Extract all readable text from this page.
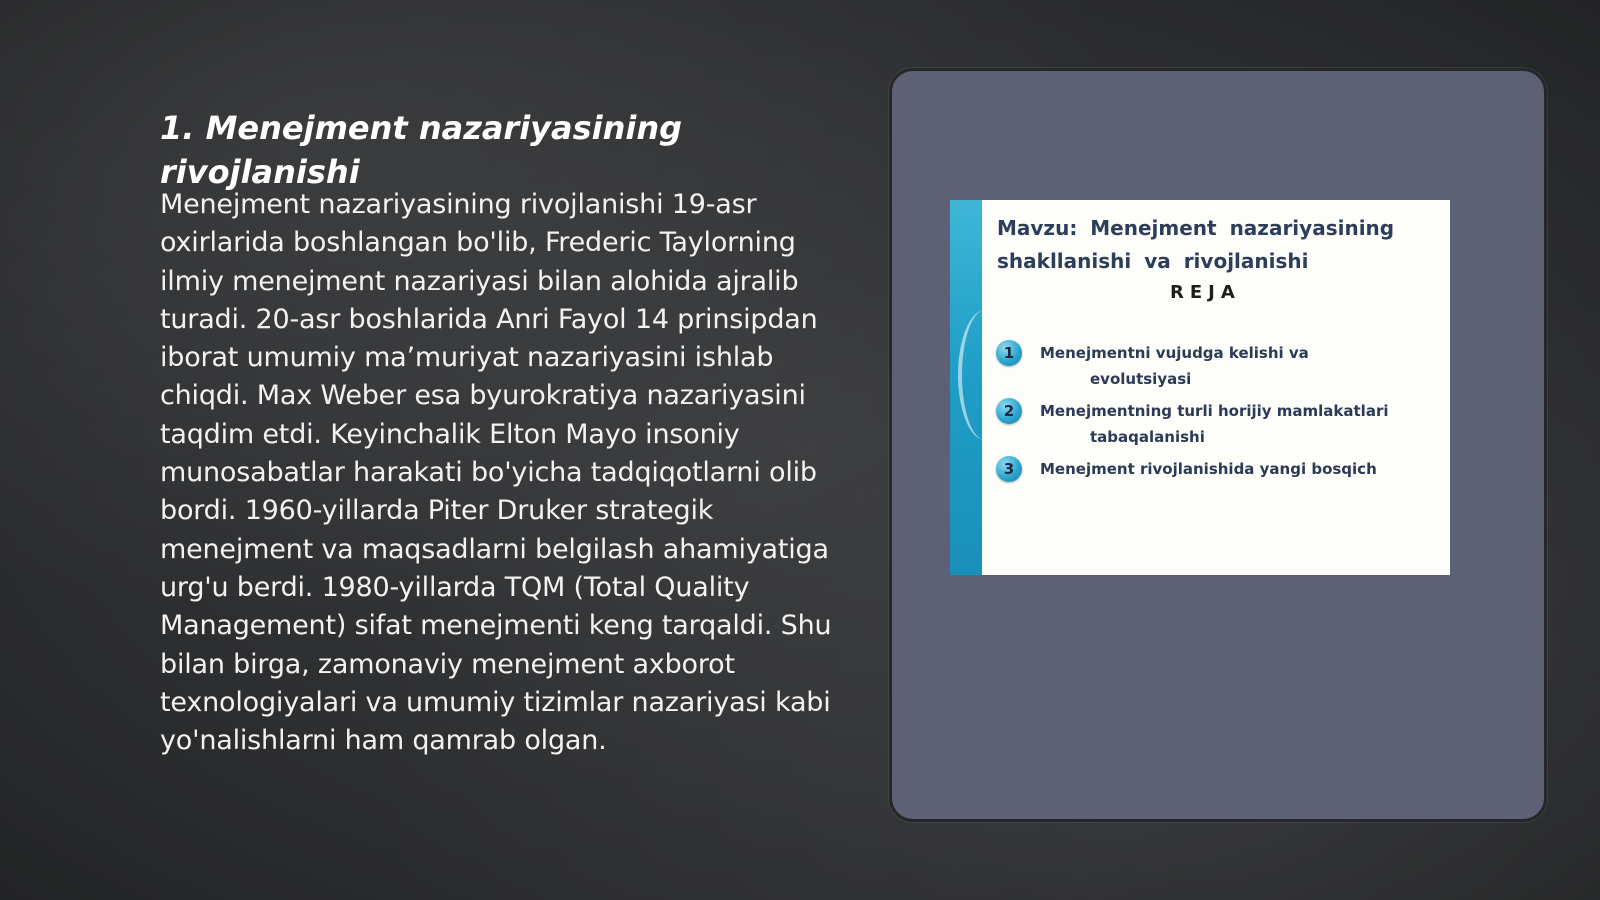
1. Menejment nazariyasining rivojlanishi

Menejment nazariyasining rivojlanishi 19-asr oxirlarida boshlangan bo'lib, Frederic Taylorning ilmiy menejment nazariyasi bilan alohida ajralib turadi. 20-asr boshlarida Anri Fayol 14 prinsipdan iborat umumiy ma’muriyat nazariyasini ishlab chiqdi. Max Weber esa byurokratiya nazariyasini taqdim etdi. Keyinchalik Elton Mayo insoniy munosabatlar harakati bo'yicha tadqiqotlarni olib bordi. 1960-yillarda Piter Druker strategik menejment va maqsadlarni belgilash ahamiyatiga urg'u berdi. 1980-yillarda TQM (Total Quality Management) sifat menejmenti keng tarqaldi. Shu bilan birga, zamonaviy menejment axborot texnologiyalari va umumiy tizimlar nazariyasi kabi yo'nalishlarni ham qamrab olgan.

Mavzu: Menejment nazariyasining shakllanishi va rivojlanishi

REJA

1	Menejmentni vujudga kelishi va
evolutsiyasi
2	Menejmentning turli horijiy mamlakatlari
tabaqalanishi
3	Menejment rivojlanishida yangi bosqich
